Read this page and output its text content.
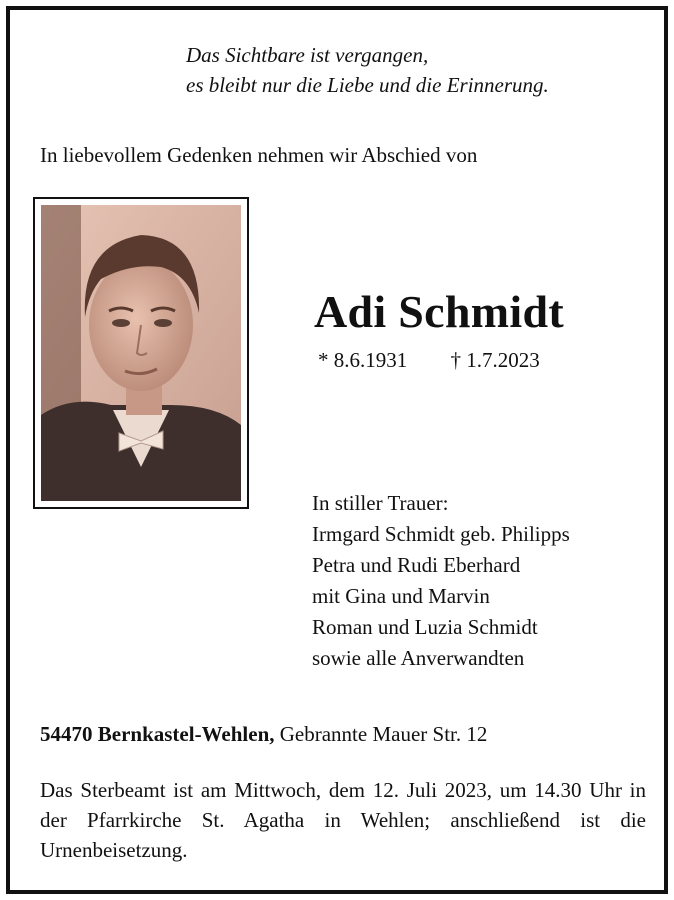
Das Sichtbare ist vergangen,
es bleibt nur die Liebe und die Erinnerung.
In liebevollem Gedenken nehmen wir Abschied von
Adi Schmidt
* 8.6.1931 † 1.7.2023
In stiller Trauer:
Irmgard Schmidt geb. Philipps
Petra und Rudi Eberhard
mit Gina und Marvin
Roman und Luzia Schmidt
sowie alle Anverwandten
54470 Bernkastel-Wehlen, Gebrannte Mauer Str. 12
Das Sterbeamt ist am Mittwoch, dem 12. Juli 2023, um 14.30 Uhr in der Pfarrkirche St. Agatha in Wehlen; anschließend ist die Urnenbeisetzung.
